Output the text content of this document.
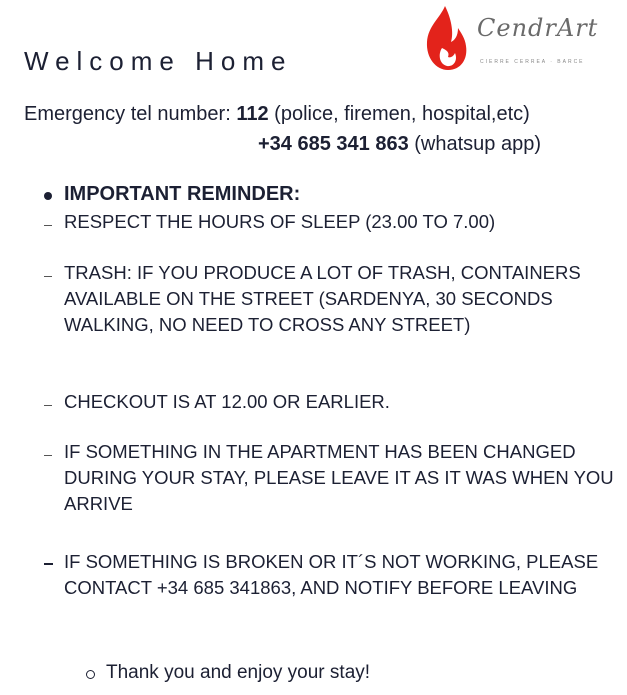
Welcome Home
CendrArt
CIERRE CERREA · BARCE
Emergency tel number: 112 (police, firemen, hospital,etc)
+34 685 341 863 (whatsup app)
IMPORTANT REMINDER:
RESPECT THE HOURS OF SLEEP (23.00 TO 7.00)
TRASH: IF YOU PRODUCE A LOT OF TRASH, CONTAINERS AVAILABLE ON THE STREET (SARDENYA, 30 SECONDS WALKING, NO NEED TO CROSS ANY STREET)
CHECKOUT IS AT 12.00 OR EARLIER.
IF SOMETHING IN THE APARTMENT HAS BEEN CHANGED DURING YOUR STAY, PLEASE LEAVE IT AS IT WAS WHEN YOU ARRIVE
IF SOMETHING IS BROKEN OR IT´S NOT WORKING, PLEASE CONTACT +34 685 341863, AND NOTIFY BEFORE LEAVING
Thank you and enjoy your stay!
